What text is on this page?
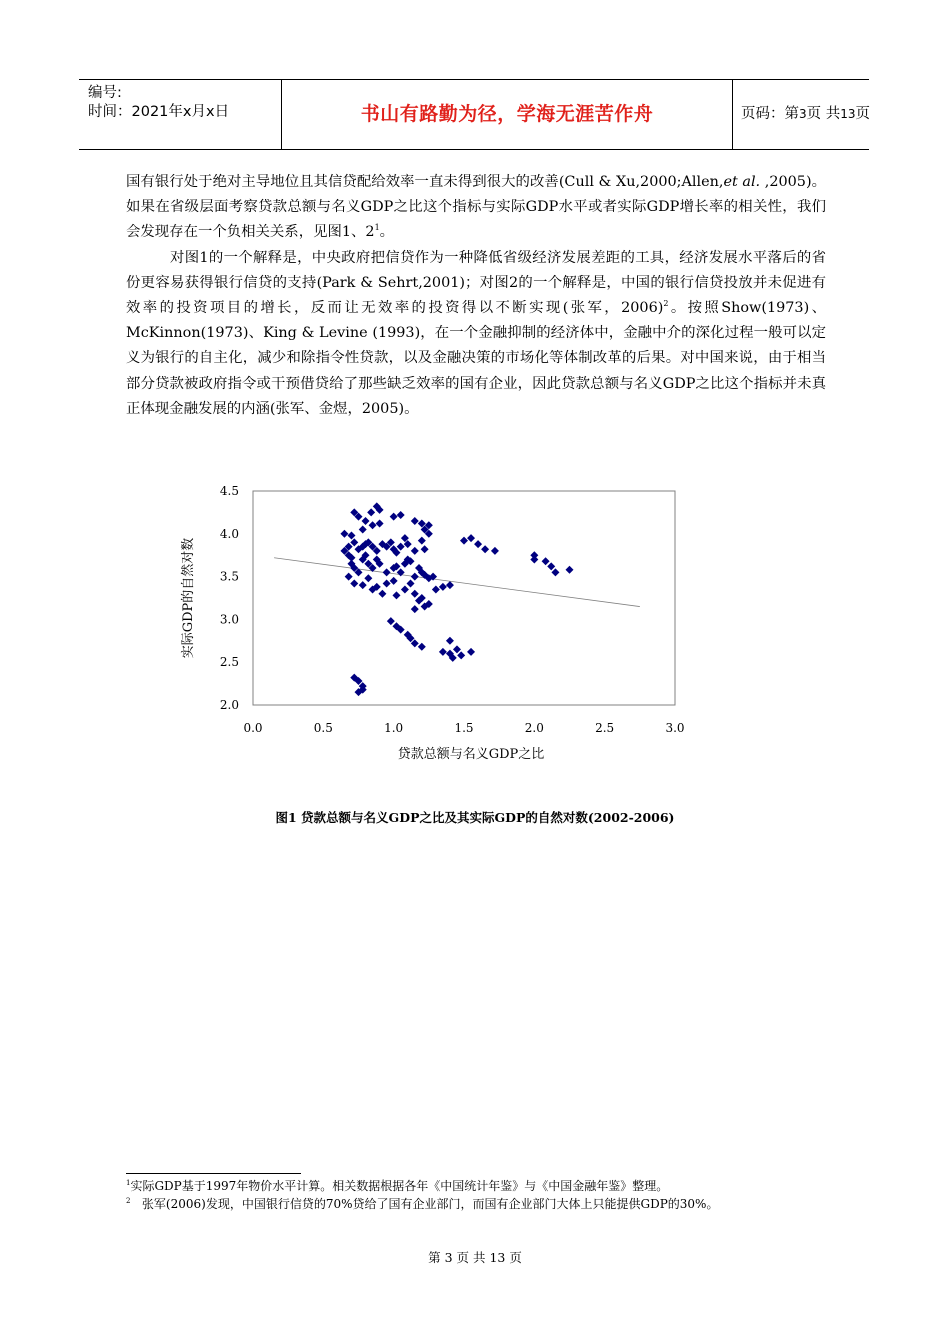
编号:
时间：2021年x月x日	书山有路勤为径，学海无涯苦作舟	页码：第3页 共13页

国有银行处于绝对主导地位且其信贷配给效率一直未得到很大的改善(Cull & Xu,2000;Allen,et al. ,2005)。如果在省级层面考察贷款总额与名义GDP之比这个指标与实际GDP水平或者实际GDP增长率的相关性，我们会发现存在一个负相关关系，见图1、$2^1$。

对图1的一个解释是，中央政府把信贷作为一种降低省级经济发展差距的工具，经济发展水平落后的省份更容易获得银行信贷的支持(Park & Sehrt,2001)；对图2的一个解释是，中国的银行信贷投放并未促进有效率的投资项目的增长，反而让无效率的投资得以不断实现(张军，2006)$^2$。按照Show(1973)、McKinnon(1973)、King & Levine (1993)，在一个金融抑制的经济体中，金融中介的深化过程一般可以定义为银行的自主化，减少和除指令性贷款，以及金融决策的市场化等体制改革的后果。对中国来说，由于相当部分贷款被政府指令或干预借贷给了那些缺乏效率的国有企业，因此贷款总额与名义GDP之比这个指标并未真正体现金融发展的内涵(张军、金煜，2005)。

0.0	0.5	1.0	1.5	2.0	2.5	3.0
2.0
2.5
3.0
3.5
4.0
4.5
贷款总额与名义GDP之比
实际GDP的自然对数
图1 贷款总额与名义GDP之比及其实际GDP的自然对数(2002-2006)
$^1$实际GDP基于1997年物价水平计算。相关数据根据各年《中国统计年鉴》与《中国金融年鉴》整理。
$^2$ 张军(2006)发现，中国银行信贷的70%贷给了国有企业部门，而国有企业部门大体上只能提供GDP的30%。
第 3 页 共 13 页
